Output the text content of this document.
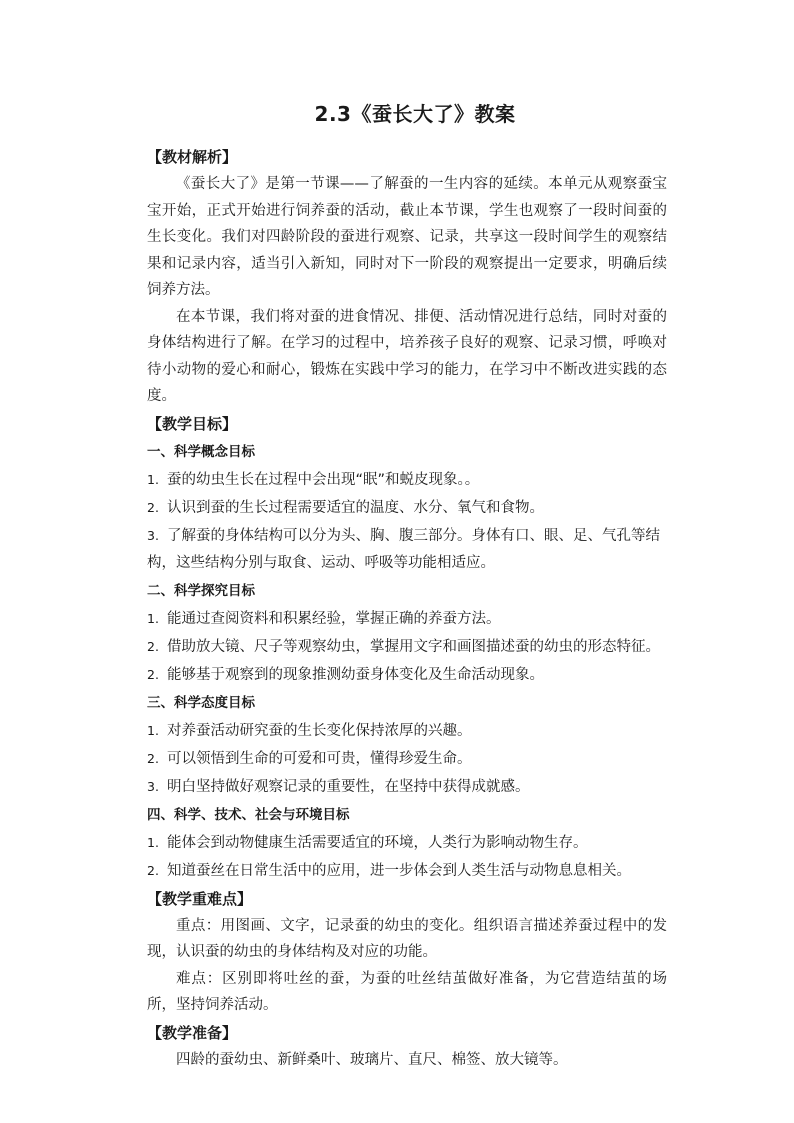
2.3《蚕长大了》教案
【教材解析】

《蚕长大了》是第一节课——了解蚕的一生内容的延续。本单元从观察蚕宝宝开始，正式开始进行饲养蚕的活动，截止本节课，学生也观察了一段时间蚕的生长变化。我们对四龄阶段的蚕进行观察、记录，共享这一段时间学生的观察结果和记录内容，适当引入新知，同时对下一阶段的观察提出一定要求，明确后续饲养方法。

在本节课，我们将对蚕的进食情况、排便、活动情况进行总结，同时对蚕的身体结构进行了解。在学习的过程中，培养孩子良好的观察、记录习惯，呼唤对待小动物的爱心和耐心，锻炼在实践中学习的能力，在学习中不断改进实践的态度。

【教学目标】
一、科学概念目标

1. 蚕的幼虫生长在过程中会出现“眠”和蜕皮现象。。

2. 认识到蚕的生长过程需要适宜的温度、水分、氧气和食物。

3. 了解蚕的身体结构可以分为头、胸、腹三部分。身体有口、眼、足、气孔等结构，这些结构分别与取食、运动、呼吸等功能相适应。

二、科学探究目标

1. 能通过查阅资料和积累经验，掌握正确的养蚕方法。

2. 借助放大镜、尺子等观察幼虫，掌握用文字和画图描述蚕的幼虫的形态特征。

2. 能够基于观察到的现象推测幼蚕身体变化及生命活动现象。

三、科学态度目标

1. 对养蚕活动研究蚕的生长变化保持浓厚的兴趣。

2. 可以领悟到生命的可爱和可贵，懂得珍爱生命。

3. 明白坚持做好观察记录的重要性，在坚持中获得成就感。

四、科学、技术、社会与环境目标

1. 能体会到动物健康生活需要适宜的环境，人类行为影响动物生存。

2. 知道蚕丝在日常生活中的应用，进一步体会到人类生活与动物息息相关。

【教学重难点】

重点：用图画、文字，记录蚕的幼虫的变化。组织语言描述养蚕过程中的发现，认识蚕的幼虫的身体结构及对应的功能。

难点：区别即将吐丝的蚕，为蚕的吐丝结茧做好准备，为它营造结茧的场所，坚持饲养活动。

【教学准备】

四龄的蚕幼虫、新鲜桑叶、玻璃片、直尺、棉签、放大镜等。
